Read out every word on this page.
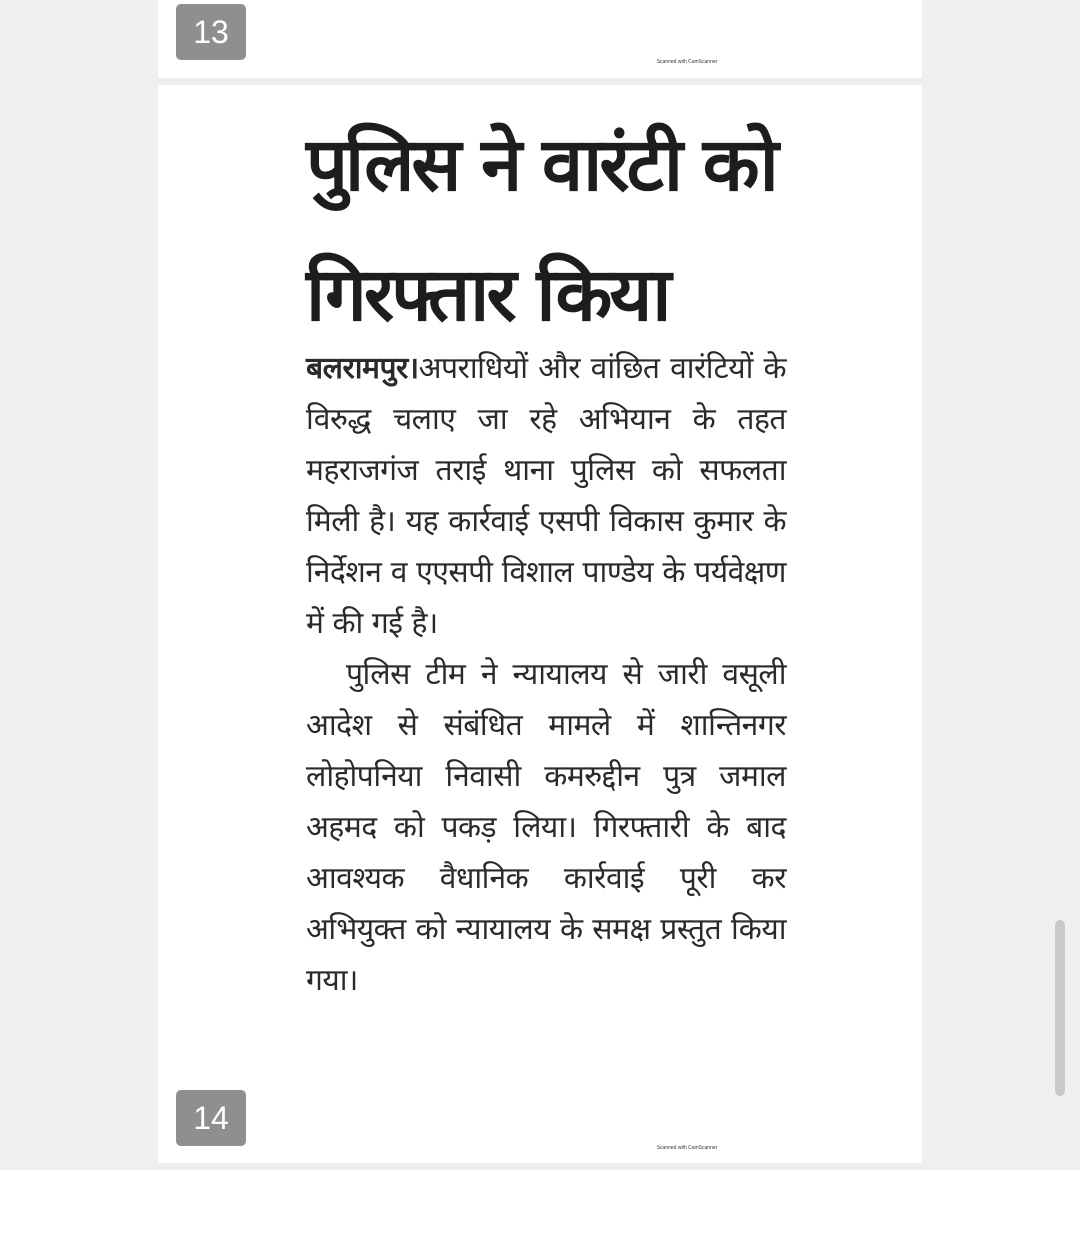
13
Scanned with CamScanner
पुलिस ने वारंटी को
गिरफ्तार किया

बलरामपुर।अपराधियों और वांछित वारंटियों के विरुद्ध चलाए जा रहे अभियान के तहत महराजगंज तराई थाना पुलिस को सफलता मिली है। यह कार्रवाई एसपी विकास कुमार के निर्देशन व एएसपी विशाल पाण्डेय के पर्यवेक्षण में की गई है।

पुलिस टीम ने न्यायालय से जारी वसूली आदेश से संबंधित मामले में शान्तिनगर लोहोपनिया निवासी कमरुद्दीन पुत्र जमाल अहमद को पकड़ लिया। गिरफ्तारी के बाद आवश्यक वैधानिक कार्रवाई पूरी कर अभियुक्त को न्यायालय के समक्ष प्रस्तुत किया गया।

14
Scanned with CamScanner
